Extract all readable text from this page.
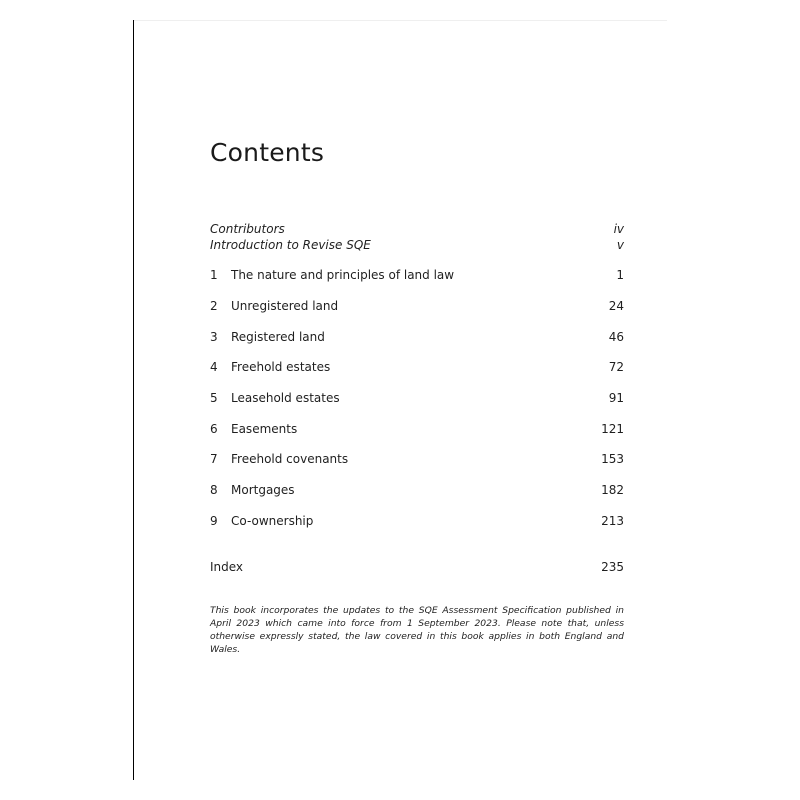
Contents
Contributors	iv
Introduction to Revise SQE	v
1 The nature and principles of land law	1
2 Unregistered land	24
3 Registered land	46
4 Freehold estates	72
5 Leasehold estates	91
6 Easements	121
7 Freehold covenants	153
8 Mortgages	182
9 Co-ownership	213
Index	235

This book incorporates the updates to the SQE Assessment Specification published in April 2023 which came into force from 1 September 2023. Please note that, unless otherwise expressly stated, the law covered in this book applies in both England and Wales.
